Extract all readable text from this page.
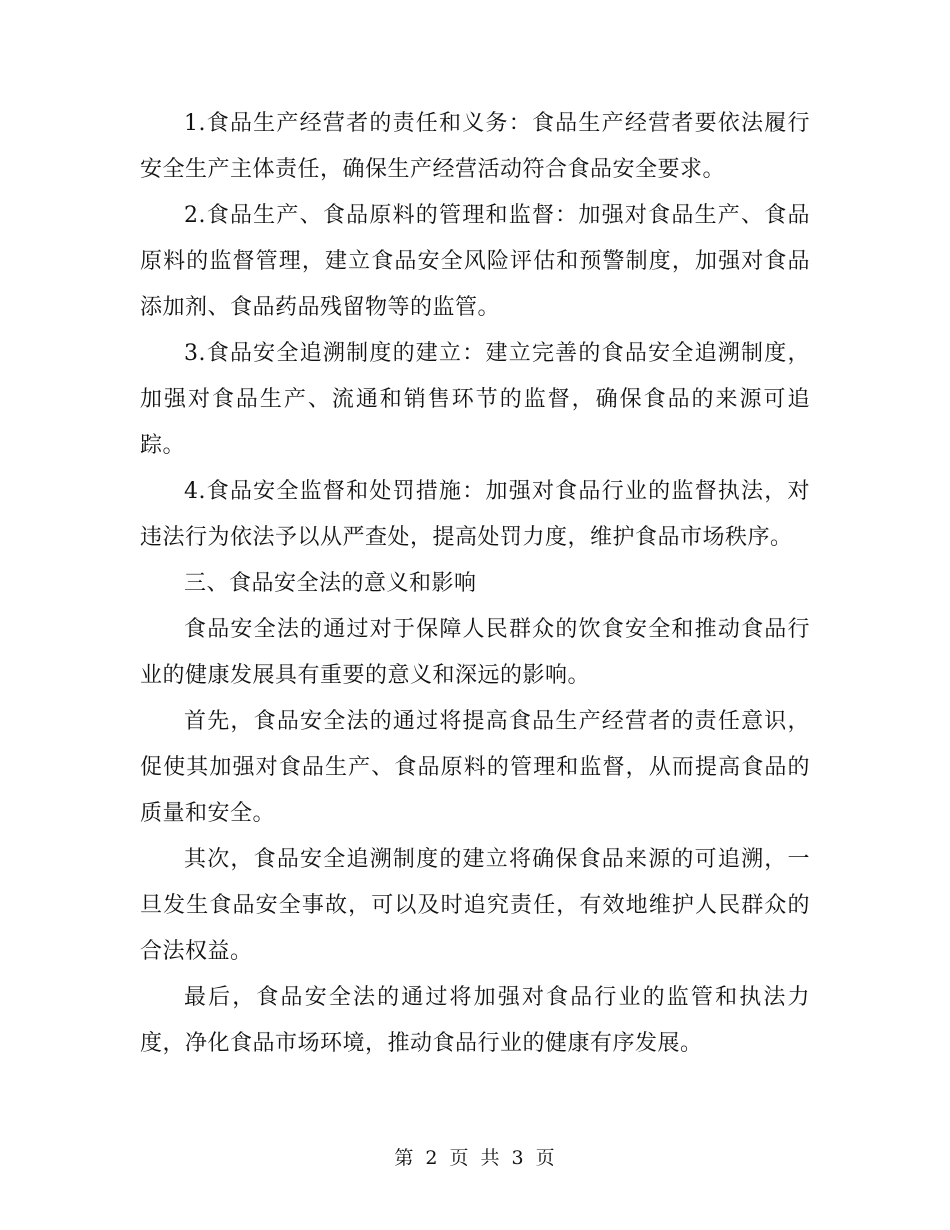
1.食品生产经营者的责任和义务：食品生产经营者要依法履行安全生产主体责任，确保生产经营活动符合食品安全要求。

2.食品生产、食品原料的管理和监督：加强对食品生产、食品原料的监督管理，建立食品安全风险评估和预警制度，加强对食品添加剂、食品药品残留物等的监管。

3.食品安全追溯制度的建立：建立完善的食品安全追溯制度，加强对食品生产、流通和销售环节的监督，确保食品的来源可追踪。

4.食品安全监督和处罚措施：加强对食品行业的监督执法，对违法行为依法予以从严查处，提高处罚力度，维护食品市场秩序。

三、食品安全法的意义和影响

食品安全法的通过对于保障人民群众的饮食安全和推动食品行业的健康发展具有重要的意义和深远的影响。

首先，食品安全法的通过将提高食品生产经营者的责任意识，促使其加强对食品生产、食品原料的管理和监督，从而提高食品的质量和安全。

其次，食品安全追溯制度的建立将确保食品来源的可追溯，一旦发生食品安全事故，可以及时追究责任，有效地维护人民群众的合法权益。

最后，食品安全法的通过将加强对食品行业的监管和执法力度，净化食品市场环境，推动食品行业的健康有序发展。

第 2 页 共 3 页
